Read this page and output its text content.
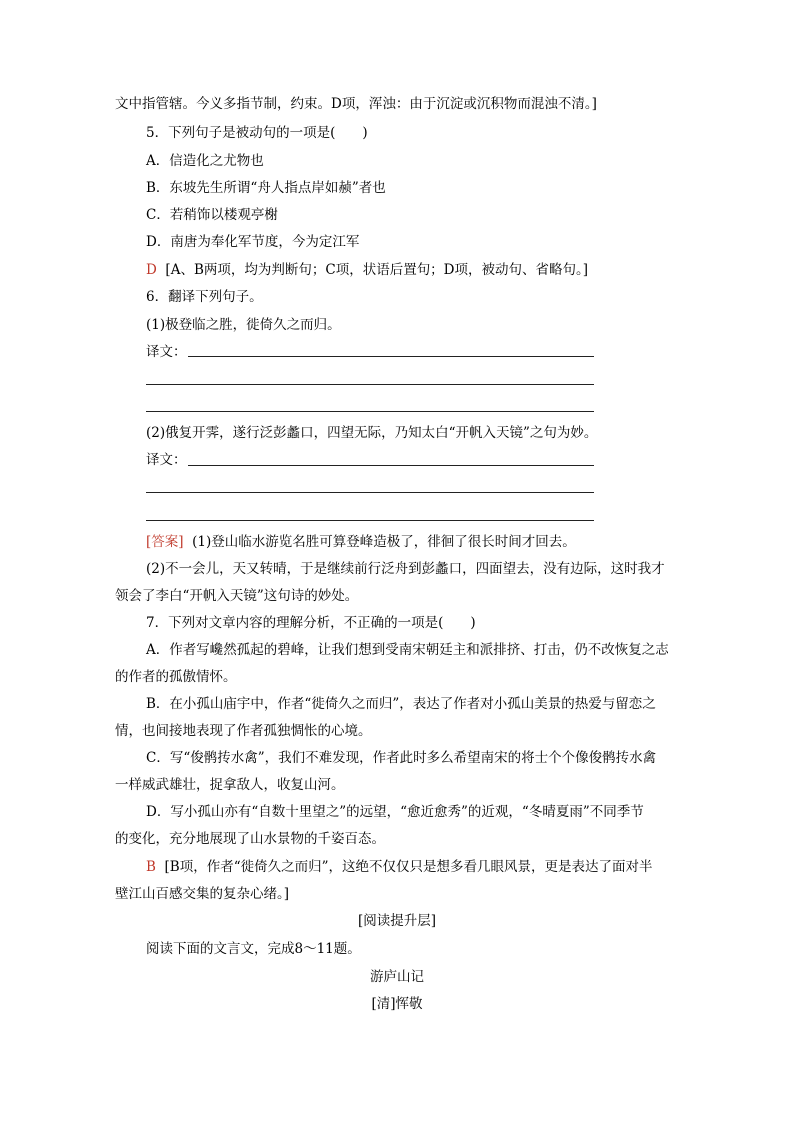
文中指管辖。今义多指节制，约束。D项，浑浊：由于沉淀或沉积物而混浊不清。]
5．下列句子是被动句的一项是(　　)
A．信造化之尤物也
B．东坡先生所谓“舟人指点岸如赪”者也
C．若稍饰以楼观亭榭
D．南唐为奉化军节度，今为定江军
D [A、B两项，均为判断句；C项，状语后置句；D项，被动句、省略句。]
6．翻译下列句子。
(1)极登临之胜，徙倚久之而归。
译文：
(2)俄复开霁，遂行泛彭蠡口，四望无际，乃知太白“开帆入天镜”之句为妙。
译文：
[答案] (1)登山临水游览名胜可算登峰造极了，徘徊了很长时间才回去。
(2)不一会儿，天又转晴，于是继续前行泛舟到彭蠡口，四面望去，没有边际，这时我才
领会了李白“开帆入天镜”这句诗的妙处。
7．下列对文章内容的理解分析，不正确的一项是(　　)
A．作者写巉然孤起的碧峰，让我们想到受南宋朝廷主和派排挤、打击，仍不改恢复之志
的作者的孤傲情怀。
B．在小孤山庙宇中，作者“徙倚久之而归”，表达了作者对小孤山美景的热爱与留恋之
情，也间接地表现了作者孤独惆怅的心境。
C．写“俊鹘抟水禽”，我们不难发现，作者此时多么希望南宋的将士个个像俊鹘抟水禽
一样威武雄壮，捉拿敌人，收复山河。
D．写小孤山亦有“自数十里望之”的远望，“愈近愈秀”的近观，“冬晴夏雨”不同季节
的变化，充分地展现了山水景物的千姿百态。
B [B项，作者“徙倚久之而归”，这绝不仅仅只是想多看几眼风景，更是表达了面对半
壁江山百感交集的复杂心绪。]
[阅读提升层]
阅读下面的文言文，完成8～11题。
游庐山记
[清]恽敬
